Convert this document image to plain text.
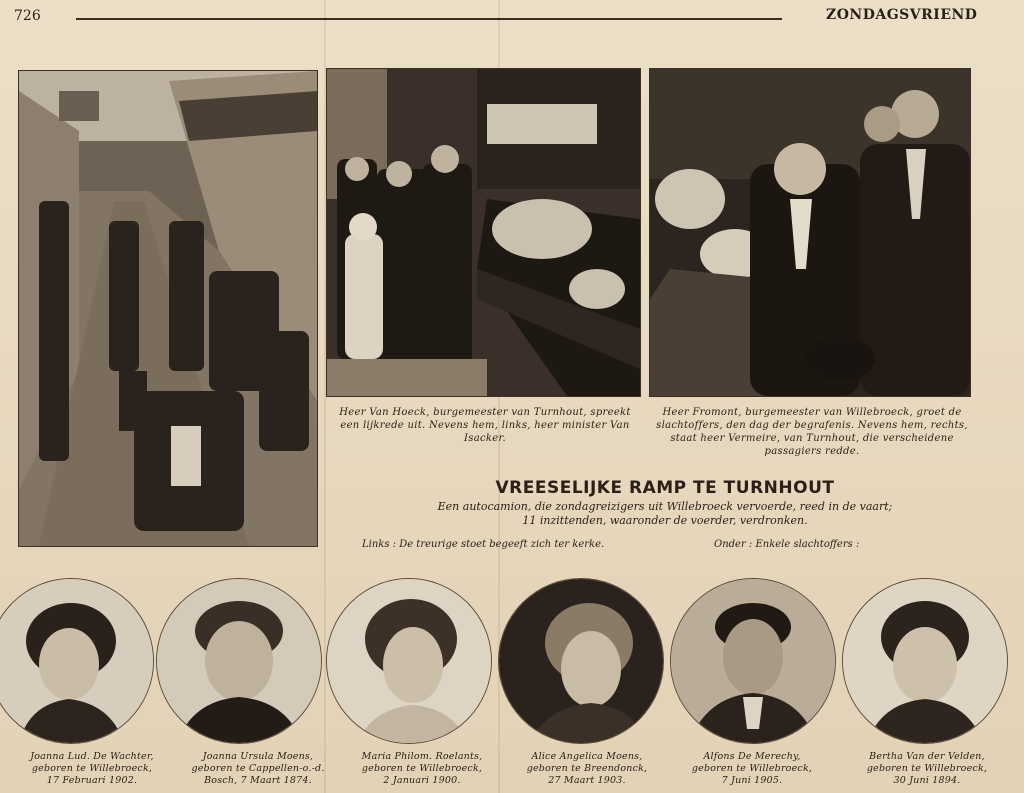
726	ZONDAGSVRIEND
Heer Van Hoeck, burgemeester van Turnhout, spreekt een lijkrede uit. Nevens hem, links, heer minister Van Isacker.
Heer Fromont, burgemeester van Willebroeck, groet de slachtoffers, den dag der begrafenis. Nevens hem, rechts, staat heer Vermeire, van Turnhout, die verscheidene passagiers redde.
VREESELIJKE RAMP TE TURNHOUT
Een autocamion, die zondagreizigers uit Willebroeck vervoerde, reed in de vaart;
11 inzittenden, waaronder de voerder, verdronken.
Links : De treurige stoet begeeft zich ter kerke.	Onder : Enkele slachtoffers :
Joanna Lud. De Wachter,
geboren te Willebroeck,
17 Februari 1902.
Joanna Ursula Moens,
geboren te Cappellen-o.-d.
Bosch, 7 Maart 1874.
Maria Philom. Roelants,
geboren te Willebroeck,
2 Januari 1900.
Alice Angelica Moens,
geboren te Breendonck,
27 Maart 1903.
Alfons De Merechy,
geboren te Willebroeck,
7 Juni 1905.
Bertha Van der Velden,
geboren te Willebroeck,
30 Juni 1894.
